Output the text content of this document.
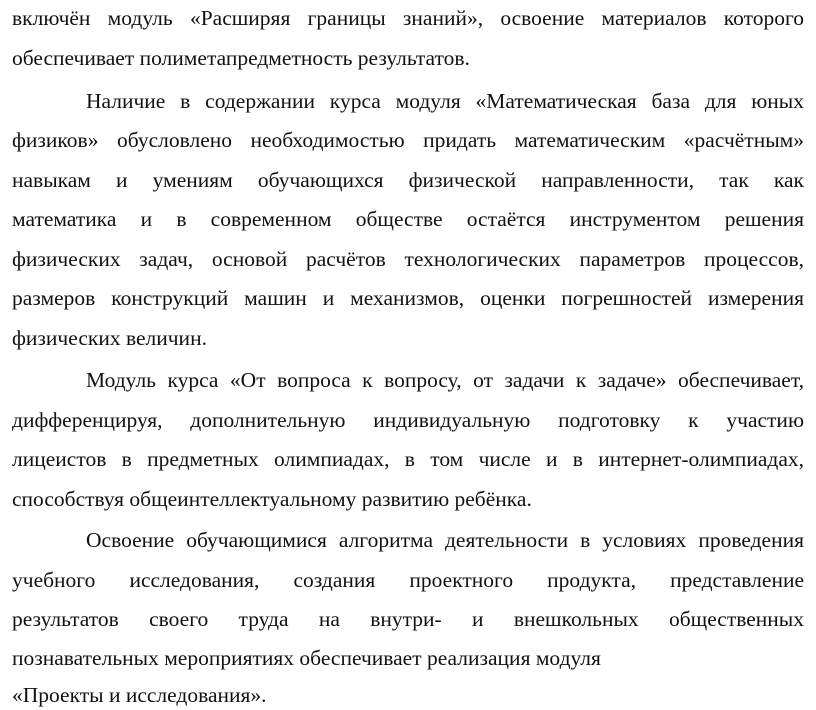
включён модуль «Расширяя границы знаний», освоение материалов которого
обеспечивает полиметапредметность результатов.
Наличие в содержании курса модуля «Математическая база для юных
физиков» обусловлено необходимостью придать математическим «расчётным»
навыкам и умениям обучающихся физической направленности, так как
математика и в современном обществе остаётся инструментом решения
физических задач, основой расчётов технологических параметров процессов,
размеров конструкций машин и механизмов, оценки погрешностей измерения
физических величин.
Модуль курса «От вопроса к вопросу, от задачи к задаче» обеспечивает,
дифференцируя, дополнительную индивидуальную подготовку к участию
лицеистов в предметных олимпиадах, в том числе и в интернет-олимпиадах,
способствуя общеинтеллектуальному развитию ребёнка.
Освоение обучающимися алгоритма деятельности в условиях проведения
учебного исследования, создания проектного продукта, представление
результатов своего труда на внутри- и внешкольных общественных
познавательных мероприятиях обеспечивает реализация модуля
«Проекты и исследования».
